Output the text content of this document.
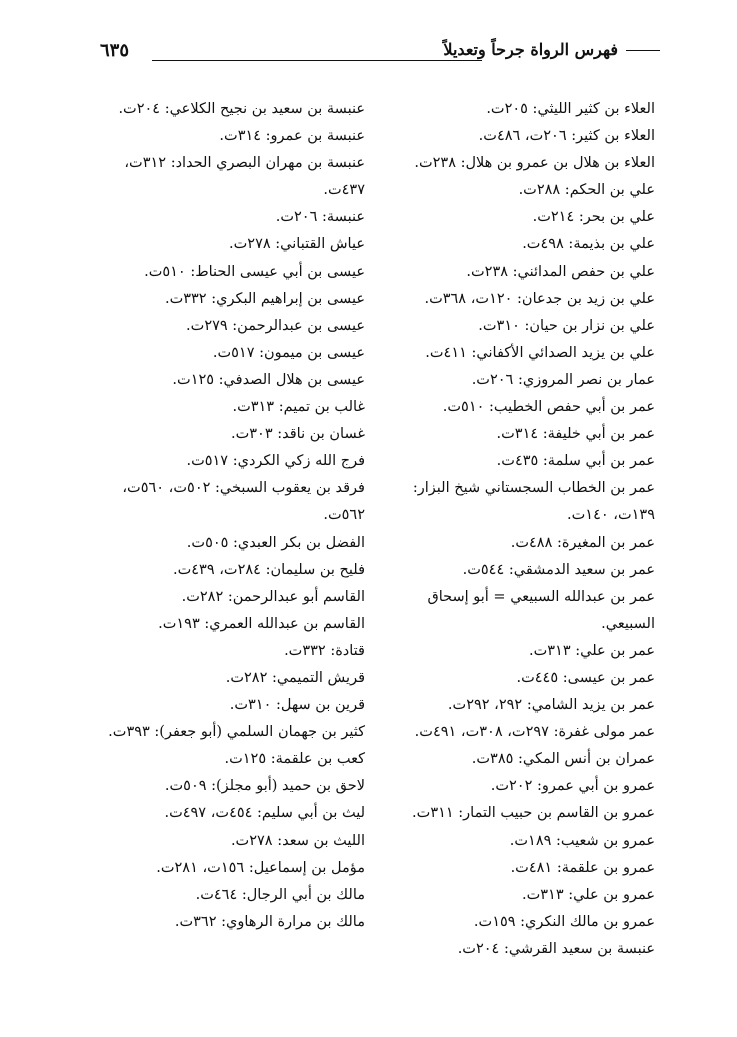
٦٣٥	فهرس الرواة جرحاً وتعديلاً

العلاء بن كثير الليثي: ٢٠٥ت.

العلاء بن كثير: ٢٠٦ت، ٤٨٦ت.

العلاء بن هلال بن عمرو بن هلال: ٢٣٨ت.

علي بن الحكم: ٢٨٨ت.

علي بن بحر: ٢١٤ت.

علي بن بذيمة: ٤٩٨ت.

علي بن حفص المدائني: ٢٣٨ت.

علي بن زيد بن جدعان: ١٢٠ت، ٣٦٨ت.

علي بن نزار بن حيان: ٣١٠ت.

علي بن يزيد الصدائي الأكفاني: ٤١١ت.

عمار بن نصر المروزي: ٢٠٦ت.

عمر بن أبي حفص الخطيب: ٥١٠ت.

عمر بن أبي خليفة: ٣١٤ت.

عمر بن أبي سلمة: ٤٣٥ت.

عمر بن الخطاب السجستاني شيخ البزار: ١٣٩ت، ١٤٠ت.

عمر بن المغيرة: ٤٨٨ت.

عمر بن سعيد الدمشقي: ٥٤٤ت.

عمر بن عبدالله السبيعي = أبو إسحاق السبيعي.

عمر بن علي: ٣١٣ت.

عمر بن عيسى: ٤٤٥ت.

عمر بن يزيد الشامي: ٢٩٢، ٢٩٢ت.

عمر مولى غفرة: ٢٩٧ت، ٣٠٨ت، ٤٩١ت.

عمران بن أنس المكي: ٣٨٥ت.

عمرو بن أبي عمرو: ٢٠٢ت.

عمرو بن القاسم بن حبيب التمار: ٣١١ت.

عمرو بن شعيب: ١٨٩ت.

عمرو بن علقمة: ٤٨١ت.

عمرو بن علي: ٣١٣ت.

عمرو بن مالك النكري: ١٥٩ت.

عنبسة بن سعيد القرشي: ٢٠٤ت.

عنبسة بن سعيد بن نجيح الكلاعي: ٢٠٤ت.

عنبسة بن عمرو: ٣١٤ت.

عنبسة بن مهران البصري الحداد: ٣١٢ت، ٤٣٧ت.

عنبسة: ٢٠٦ت.

عياش القتباني: ٢٧٨ت.

عيسى بن أبي عيسى الحناط: ٥١٠ت.

عيسى بن إبراهيم البكري: ٣٣٢ت.

عيسى بن عبدالرحمن: ٢٧٩ت.

عيسى بن ميمون: ٥١٧ت.

عيسى بن هلال الصدفي: ١٢٥ت.

غالب بن تميم: ٣١٣ت.

غسان بن ناقد: ٣٠٣ت.

فرج الله زكي الكردي: ٥١٧ت.

فرقد بن يعقوب السبخي: ٥٠٢ت، ٥٦٠ت، ٥٦٢ت.

الفضل بن بكر العبدي: ٥٠٥ت.

فليح بن سليمان: ٢٨٤ت، ٤٣٩ت.

القاسم أبو عبدالرحمن: ٢٨٢ت.

القاسم بن عبدالله العمري: ١٩٣ت.

قتادة: ٣٣٢ت.

قريش التميمي: ٢٨٢ت.

قرين بن سهل: ٣١٠ت.

كثير بن جهمان السلمي (أبو جعفر): ٣٩٣ت.

كعب بن علقمة: ١٢٥ت.

لاحق بن حميد (أبو مجلز): ٥٠٩ت.

ليث بن أبي سليم: ٤٥٤ت، ٤٩٧ت.

الليث بن سعد: ٢٧٨ت.

مؤمل بن إسماعيل: ١٥٦ت، ٢٨١ت.

مالك بن أبي الرجال: ٤٦٤ت.

مالك بن مرارة الرهاوي: ٣٦٢ت.
